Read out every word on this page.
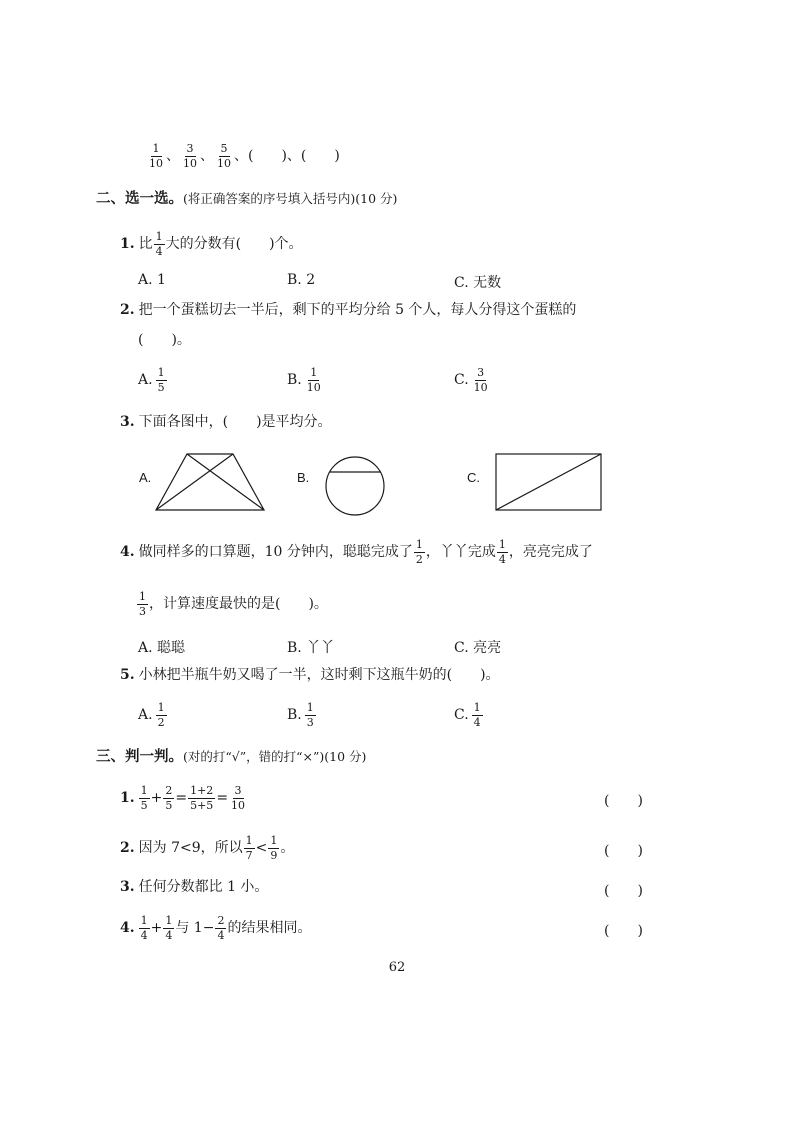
$\frac{1}{10}$ 、 $\frac{3}{10}$ 、 $\frac{5}{10}$ 、 (　　)、(　　)
二、选一选。 (将正确答案的序号填入括号内)(10 分)
1. 比 $\frac{1}{4}$ 大的分数有(　　)个。
A. 1	B. 2	C. 无数
2. 把一个蛋糕切去一半后，剩下的平均分给 5 个人，每人分得这个蛋糕的
(　　)。
A. $\frac{1}{5}$	B. $\frac{1}{10}$	C. $\frac{3}{10}$
3. 下面各图中，(　　)是平均分。
A.	B.	C.
4. 做同样多的口算题，10 分钟内，聪聪完成了 $\frac{1}{2}$ ，丫丫完成 $\frac{1}{4}$ ，亮亮完成了
$\frac{1}{3}$ ，计算速度最快的是(　　)。
A. 聪聪	B. 丫丫	C. 亮亮
5. 小林把半瓶牛奶又喝了一半，这时剩下这瓶牛奶的(　　)。
A. $\frac{1}{2}$	B. $\frac{1}{3}$	C. $\frac{1}{4}$
三、判一判。 (对的打“√”，错的打“×”)(10 分)
1. $\frac{1}{5} + \frac{2}{5} = \frac{1+2}{5+5} = \frac{3}{10}$	(　　)
2. 因为 7<9，所以 $\frac{1}{7} < \frac{1}{9}$ 。	(　　)
3. 任何分数都比 1 小。	(　　)
4. $\frac{1}{4} + \frac{1}{4}$ 与 $1- \frac{2}{4}$ 的结果相同。	(　　)
62
